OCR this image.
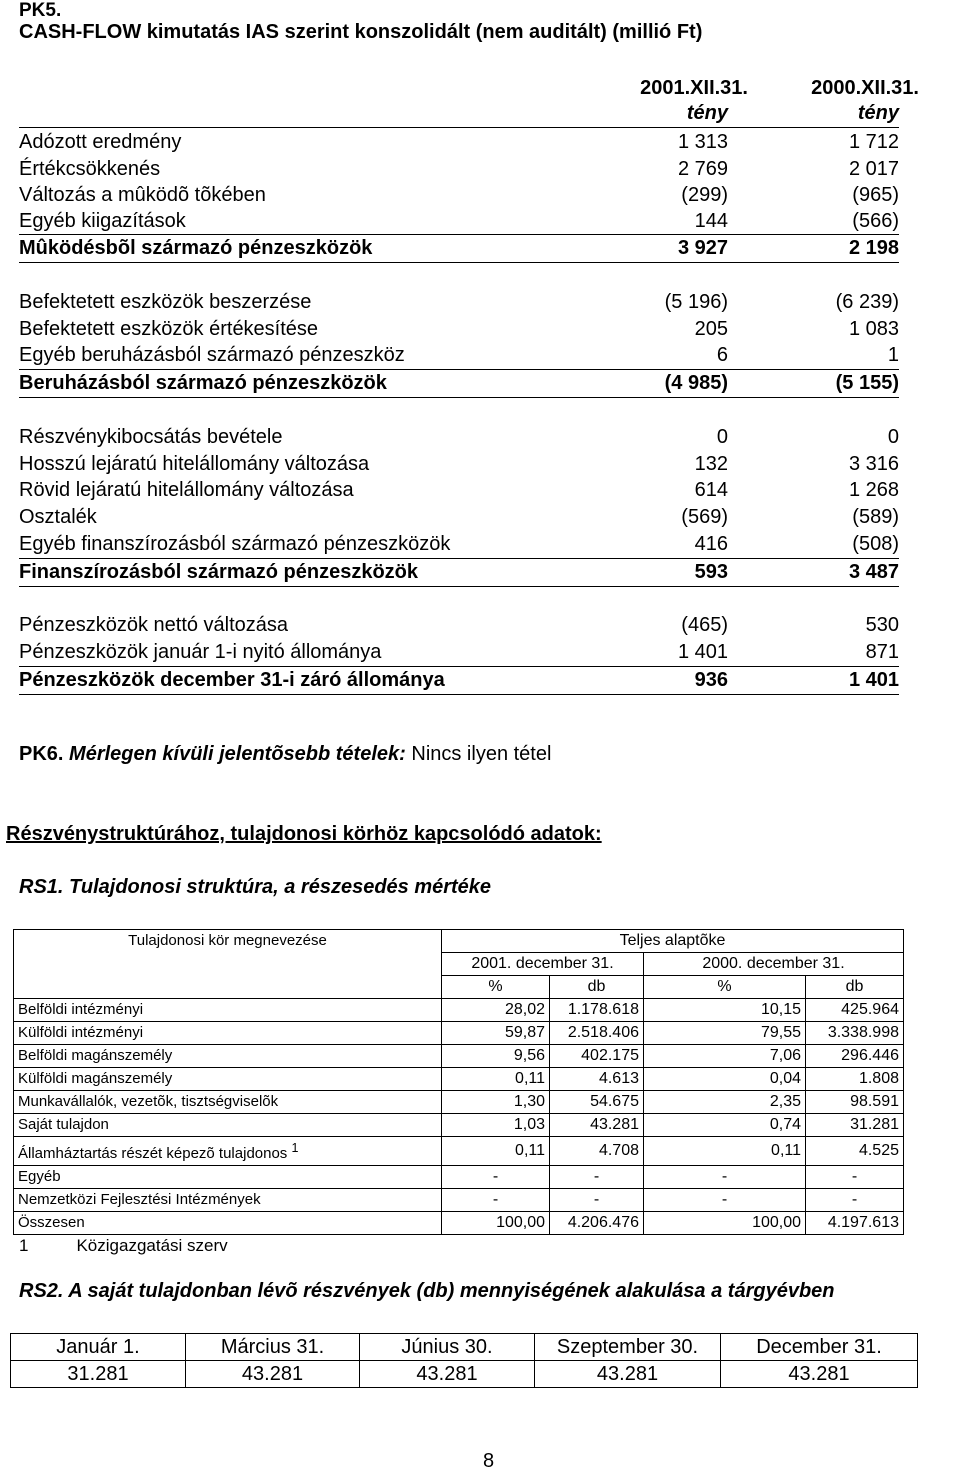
PK5.
CASH-FLOW kimutatás IAS szerint konszolidált (nem auditált) (millió Ft)
2001.XII.31.
tény
2000.XII.31.
tény
Adózott eredmény	1 313	1 712
Értékcsökkenés	2 769	2 017
Változás a mûködõ tõkében	(299)	(965)
Egyéb kiigazítások	144	(566)
Mûködésbõl származó pénzeszközök	3 927	2 198
Befektetett eszközök beszerzése	(5 196)	(6 239)
Befektetett eszközök értékesítése	205	1 083
Egyéb beruházásból származó pénzeszköz	6	1
Beruházásból származó pénzeszközök	(4 985)	(5 155)
Részvénykibocsátás bevétele	0	0
Hosszú lejáratú hitelállomány változása	132	3 316
Rövid lejáratú hitelállomány változása	614	1 268
Osztalék	(569)	(589)
Egyéb finanszírozásból származó pénzeszközök	416	(508)
Finanszírozásból származó pénzeszközök	593	3 487
Pénzeszközök nettó változása	(465)	530
Pénzeszközök január 1-i nyitó állománya	1 401	871
Pénzeszközök december 31-i záró állománya	936	1 401
PK6. Mérlegen kívüli jelentõsebb tételek: Nincs ilyen tétel
Részvénystruktúrához, tulajdonosi körhöz kapcsolódó adatok:
RS1. Tulajdonosi struktúra, a részesedés mértéke
Tulajdonosi kör megnevezése	Teljes alaptõke			
	2001. december 31.		2000. december 31.	
	%	db	%	db
Belföldi intézményi	28,02	1.178.618	10,15	425.964
Külföldi intézményi	59,87	2.518.406	79,55	3.338.998
Belföldi magánszemély	9,56	402.175	7,06	296.446
Külföldi magánszemély	0,11	4.613	0,04	1.808
Munkavállalók, vezetõk, tisztségviselõk	1,30	54.675	2,35	98.591
Saját tulajdon	1,03	43.281	0,74	31.281
Államháztartás részét képezõ tulajdonos $^1$	0,11	4.708	0,11	4.525
Egyéb	-	-	-	-
Nemzetközi Fejlesztési Intézmények	-	-	-	-
Összesen	100,00	4.206.476	100,00	4.197.613
1	Közigazgatási szerv
RS2. A saját tulajdonban lévõ részvények (db) mennyiségének alakulása a tárgyévben
Január 1.	Március 31.	Június 30.	Szeptember 30.	December 31.
31.281	43.281	43.281	43.281	43.281
8
